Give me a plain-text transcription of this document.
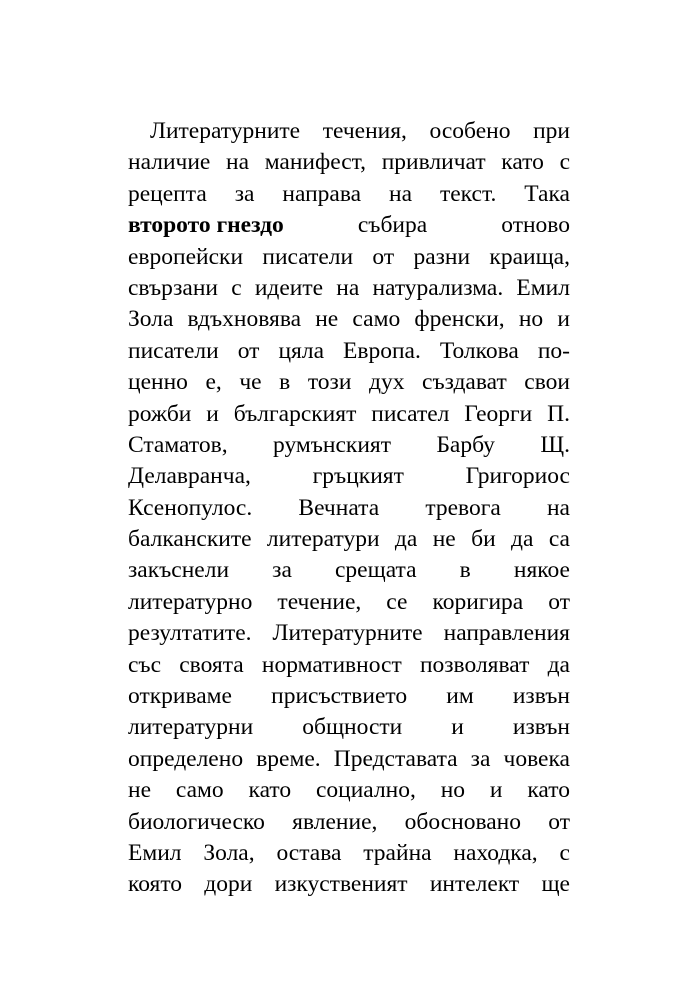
Литературните течения, особено при
наличие на манифест, привличат като с
рецепта за направа на текст. Така
второто гнездо	събира	отново
европейски писатели от разни краища,
свързани с идеите на натурализма. Емил
Зола вдъхновява не само френски, но и
писатели от цяла Европа. Толкова по-
ценно е, че в този дух създават свои
рожби и българският писател Георги П.
Стаматов, румънският Барбу Щ.
Делавранча,	гръцкият	Григориос
Ксенопулос. Вечната тревога на
балканските литератури да не би да са
закъснели за срещата в някое
литературно течение, се коригира от
резултатите. Литературните направления
със своята нормативност позволяват да
откриваме присъствието им извън
литературни общности и извън
определено време. Представата за човека
не само като социално, но и като
биологическо явление, обосновано от
Емил Зола, остава трайна находка, с
която дори изкуственият интелект ще
